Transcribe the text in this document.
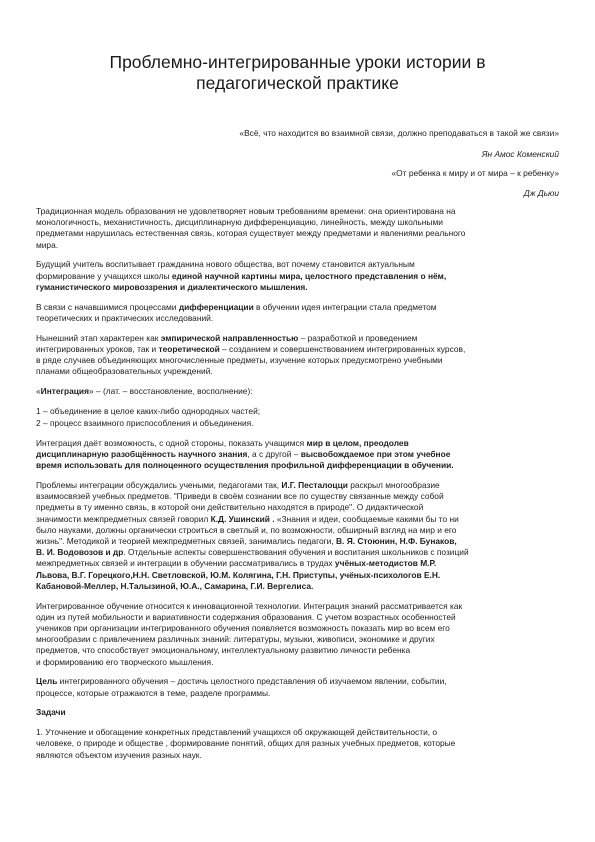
Проблемно-интегрированные уроки истории в
педагогической практике
«Всё, что находится во взаимной связи, должно преподаваться в такой же связи»
Ян Амос Коменский
«От ребенка к миру и от мира – к ребенку»
Дж Дьюи

Традиционная модель образования не удовлетворяет новым требованиям времени: она ориентирована на
монологичность, механистичность, дисциплинарную дифференциацию, линейность, между школьными
предметами нарушилась естественная связь, которая существует между предметами и явлениями реального
мира.

Будущий учитель воспитывает гражданина нового общества, вот почему становится актуальным
формирование у учащихся школы единой научной картины мира, целостного представления о нём,
гуманистического мировоззрения и диалектического мышления.

В связи с начавшимися процессами дифференциации в обучении идея интеграции стала предметом
теоретических и практических исследований.

Нынешний этап характерен как эмпирической направленностью – разработкой и проведением
интегрированных уроков, так и теоретической – созданием и совершенствованием интегрированных курсов,
в ряде случаев объединяющих многочисленные предметы, изучение которых предусмотрено учебными
планами общеобразовательных учреждений.

«Интеграция» – (лат. – восстановление, восполнение):

1 – объединение в целое каких-либо однородных частей;

2 – процесс взаимного приспособления и объединения.

Интеграция даёт возможность, с одной стороны, показать учащимся мир в целом, преодолев
дисциплинарную разобщённость научного знания, а с другой – высвобождаемое при этом учебное
время использовать для полноценного осуществления профильной дифференциации в обучении.

Проблемы интеграции обсуждались учеными, педагогами так, И.Г. Песталоцци раскрыл многообразие
взаимосвязей учебных предметов. "Приведи в своём сознании все по существу связанные между собой
предметы в ту именно связь, в которой они действительно находятся в природе". О дидактической
значимости межпредметных связей говорил К.Д. Ушинский . «Знания и идеи, сообщаемые какими бы то ни
было науками, должны органически строиться в светлый и, по возможности, обширный взгляд на мир и его
жизнь". Методикой и теорией межпредметных связей, занимались педагоги, В. Я. Стоюнин, Н.Ф. Бунаков,
В. И. Водовозов и др. Отдельные аспекты совершенствования обучения и воспитания школьников с позиций
межпредметных связей и интеграции в обучении рассматривались в трудах учёных-методистов М.Р.
Львова, В.Г. Горецкого,Н.Н. Светловской, Ю.М. Колягина, Г.Н. Приступы, учёных-психологов Е.Н.
Кабановой-Меллер, Н.Талызиной, Ю.А., Самарина, Г.И. Вергелиса.

Интегрированное обучение относится к инновационной технологии. Интеграция знаний рассматривается как
один из путей мобильности и вариативности содержания образования. С учетом возрастных особенностей
учеников при организации интегрированного обучения появляется возможность показать мир во всем его
многообразии с привлечением различных знаний: литературы, музыки, живописи, экономике и других
предметов, что способствует эмоциональному, интеллектуальному развитию личности ребенка
и формированию его творческого мышления.

Цель интегрированного обучения – достичь целостного представления об изучаемом явлении, событии,
процессе, которые отражаются в теме, разделе программы.

Задачи

1. Уточнение и обогащение конкретных представлений учащихся об окружающей действительности, о
человеке, о природе и обществе , формирование понятий, общих для разных учебных предметов, которые
являются объектом изучения разных наук.
